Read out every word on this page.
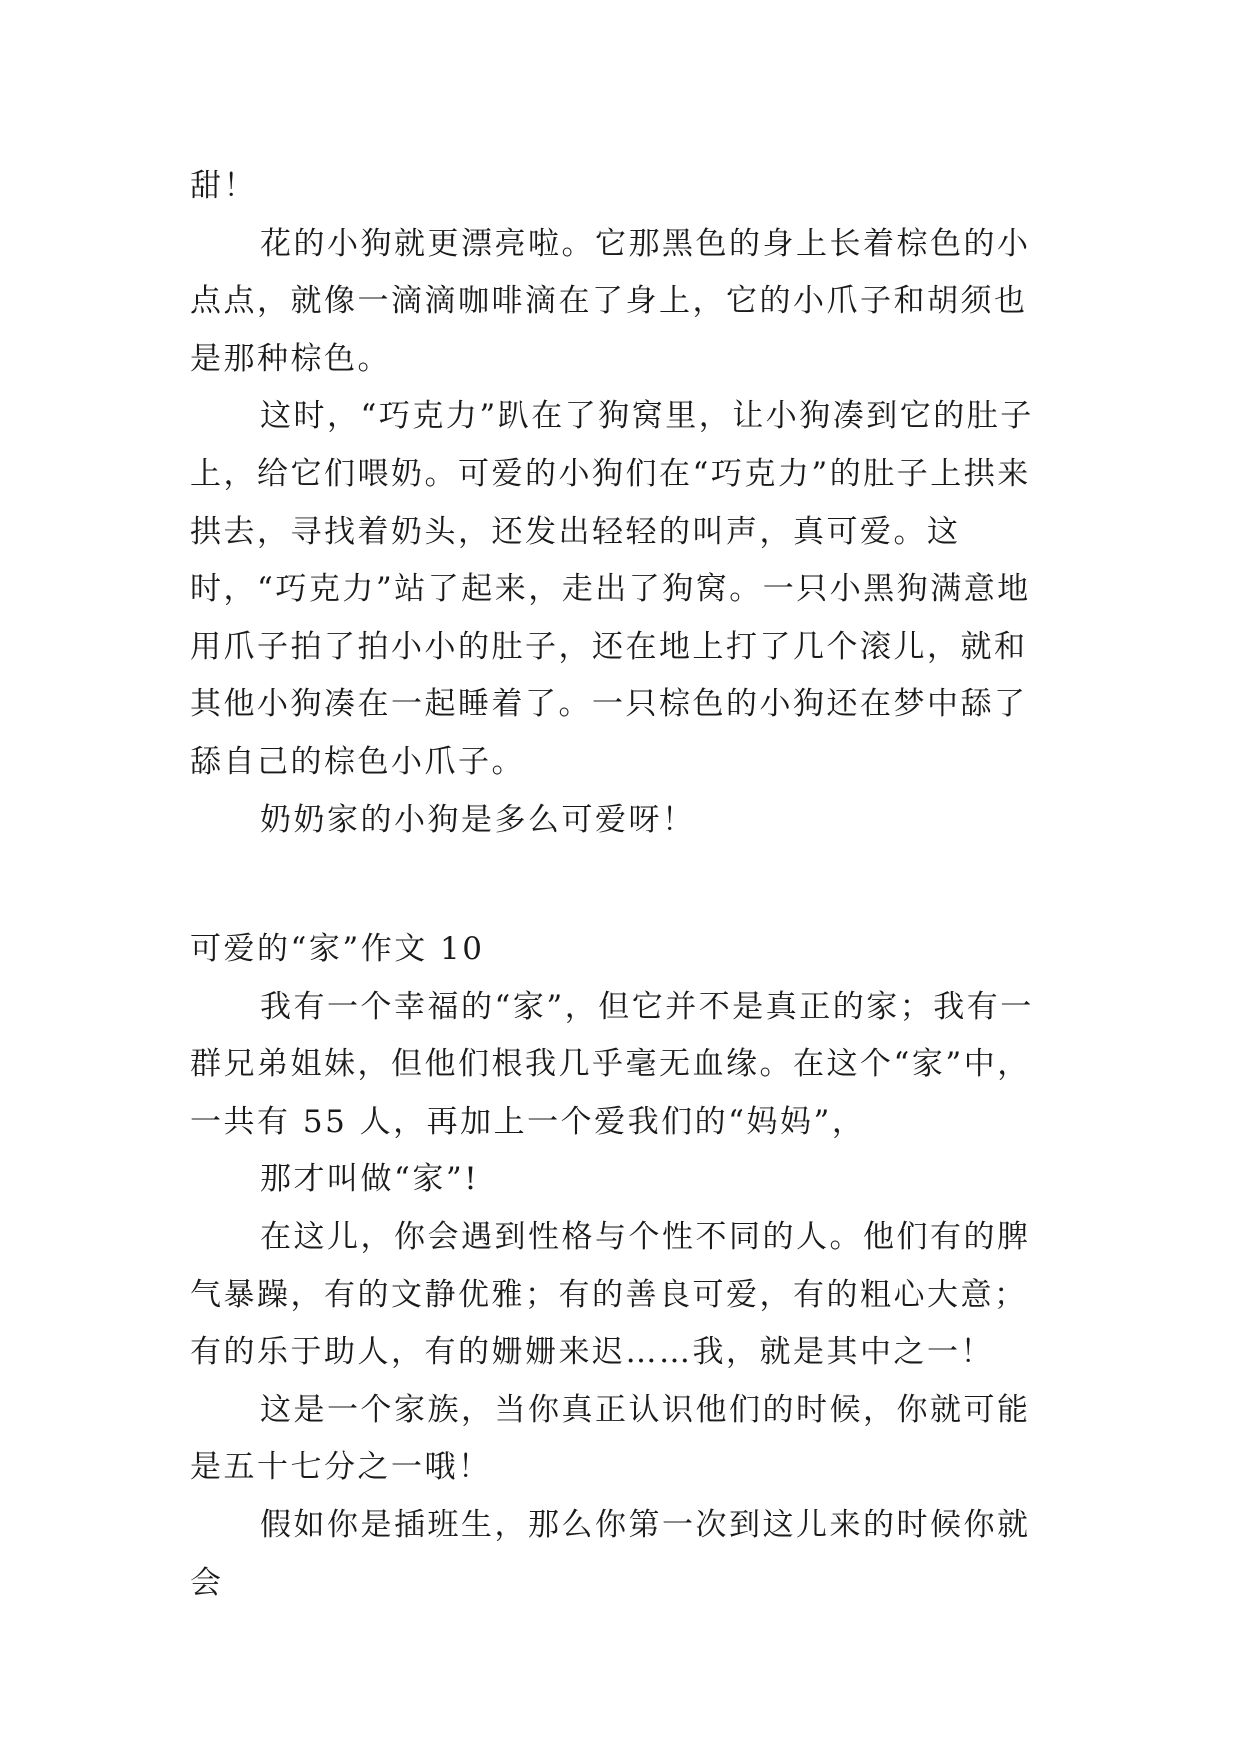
甜！

花的小狗就更漂亮啦。它那黑色的身上长着棕色的小点点，就像一滴滴咖啡滴在了身上，它的小爪子和胡须也是那种棕色。

这时，“巧克力”趴在了狗窝里，让小狗凑到它的肚子上，给它们喂奶。可爱的小狗们在“巧克力”的肚子上拱来拱去，寻找着奶头，还发出轻轻的叫声，真可爱。这时，“巧克力”站了起来，走出了狗窝。一只小黑狗满意地用爪子拍了拍小小的肚子，还在地上打了几个滚儿，就和其他小狗凑在一起睡着了。一只棕色的小狗还在梦中舔了舔自己的棕色小爪子。

奶奶家的小狗是多么可爱呀！

可爱的“家”作文 10

我有一个幸福的“家”，但它并不是真正的家；我有一群兄弟姐妹，但他们根我几乎毫无血缘。在这个“家”中，一共有 55 人，再加上一个爱我们的“妈妈”，

那才叫做“家”!

在这儿，你会遇到性格与个性不同的人。他们有的脾气暴躁，有的文静优雅；有的善良可爱，有的粗心大意；有的乐于助人，有的姗姗来迟……我，就是其中之一！

这是一个家族，当你真正认识他们的时候，你就可能是五十七分之一哦！

假如你是插班生，那么你第一次到这儿来的时候你就会
